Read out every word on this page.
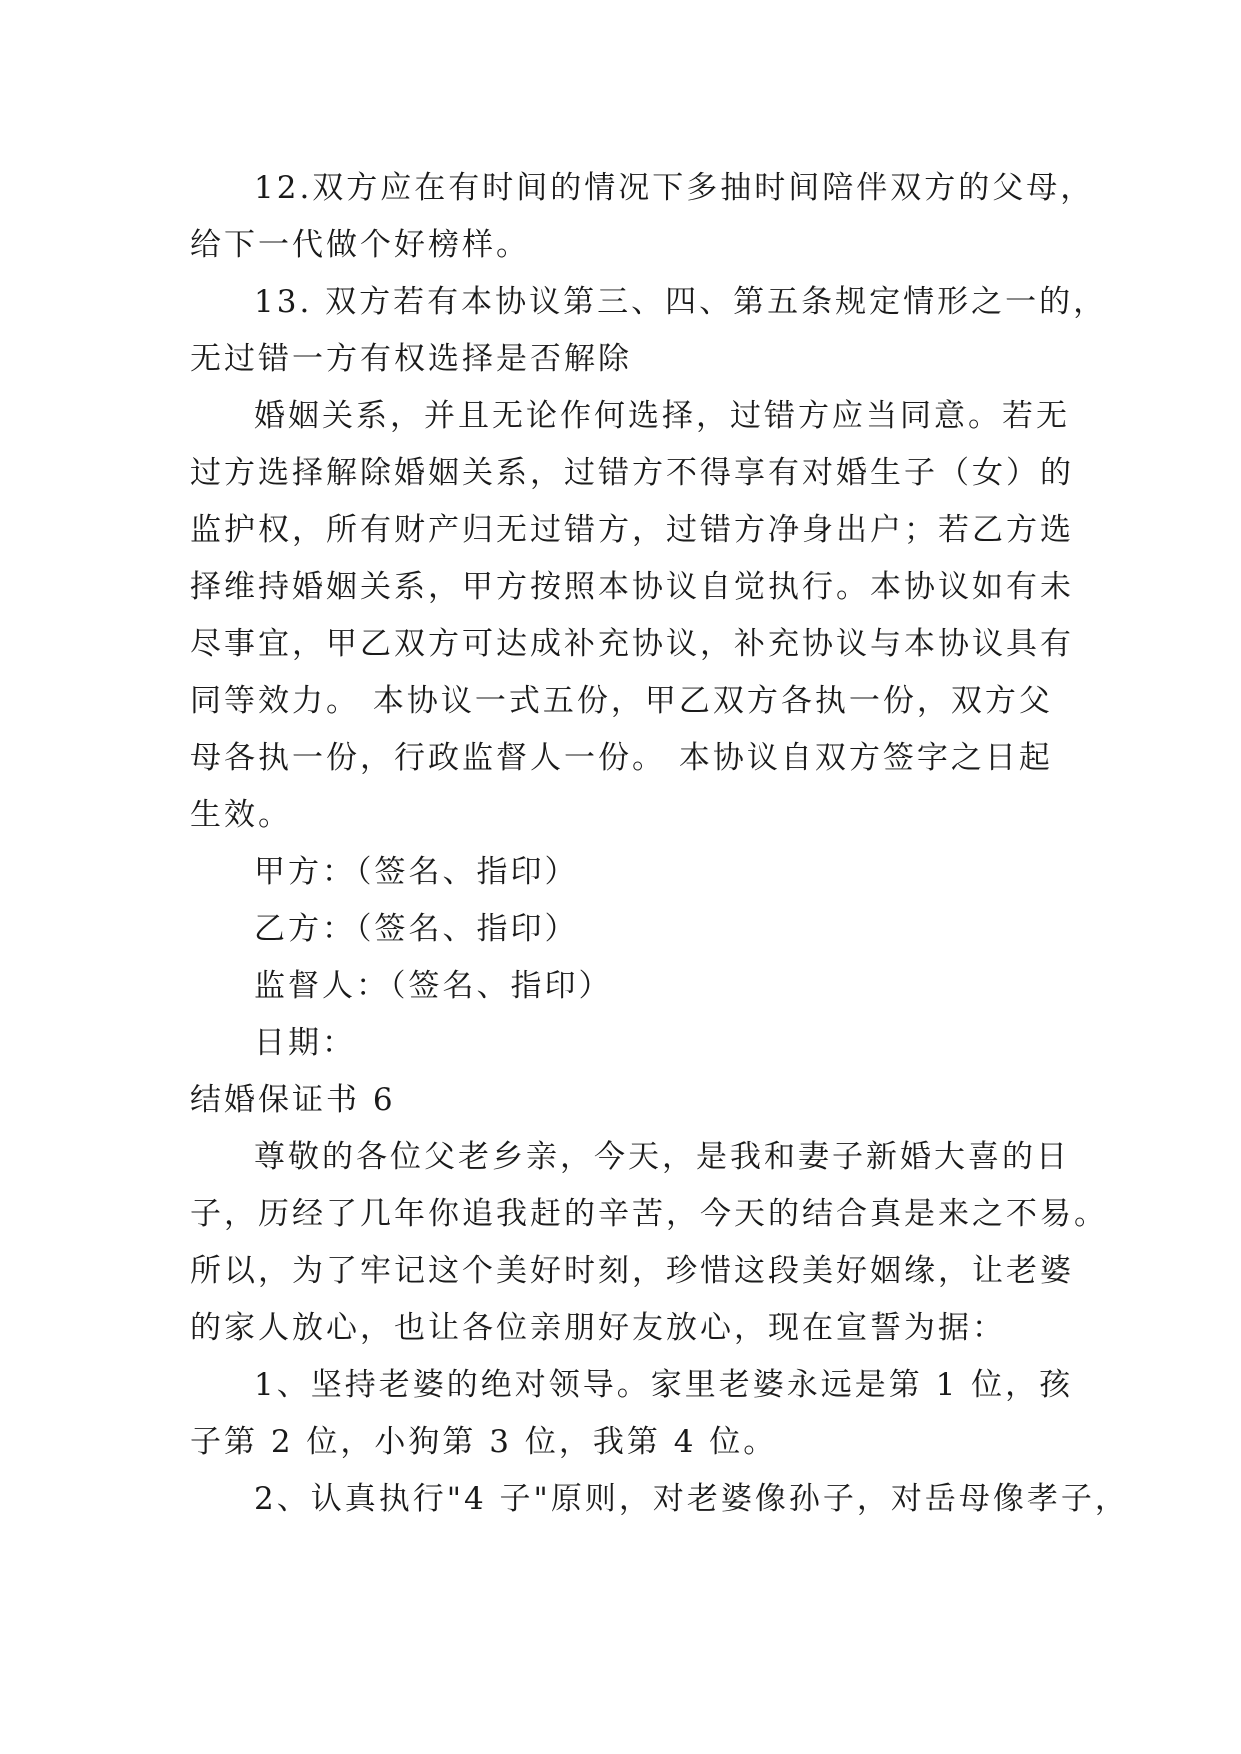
12.双方应在有时间的情况下多抽时间陪伴双方的父母，
给下一代做个好榜样。
13. 双方若有本协议第三、四、第五条规定情形之一的，
无过错一方有权选择是否解除
婚姻关系，并且无论作何选择，过错方应当同意。若无
过方选择解除婚姻关系，过错方不得享有对婚生子（女）的
监护权，所有财产归无过错方，过错方净身出户；若乙方选
择维持婚姻关系，甲方按照本协议自觉执行。本协议如有未
尽事宜，甲乙双方可达成补充协议，补充协议与本协议具有
同等效力。 本协议一式五份，甲乙双方各执一份，双方父
母各执一份，行政监督人一份。 本协议自双方签字之日起
生效。
甲方：（签名、指印）
乙方：（签名、指印）
监督人：（签名、指印）
日期：
结婚保证书 6
尊敬的各位父老乡亲，今天，是我和妻子新婚大喜的日
子，历经了几年你追我赶的辛苦，今天的结合真是来之不易。
所以，为了牢记这个美好时刻，珍惜这段美好姻缘，让老婆
的家人放心，也让各位亲朋好友放心，现在宣誓为据：
1、坚持老婆的绝对领导。家里老婆永远是第 1 位，孩
子第 2 位，小狗第 3 位，我第 4 位。
2、认真执行"4 子"原则，对老婆像孙子，对岳母像孝子，
